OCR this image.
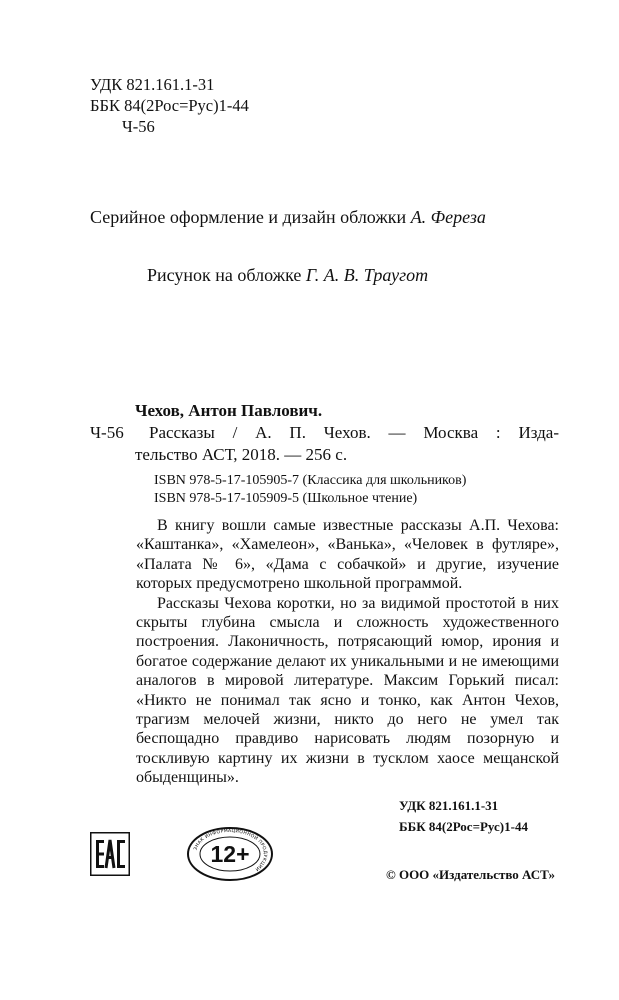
УДК 821.161.1-31
ББК 84(2Рос=Рус)1-44
Ч-56
Серийное оформление и дизайн обложки А. Фереза
Рисунок на обложке Г. А. В. Траугот
Чехов, Антон Павлович.
Ч-56 Рассказы / А. П. Чехов. — Москва : Изда-
тельство АСТ, 2018. — 256 с.
ISBN 978-5-17-105905-7 (Классика для школьников)
ISBN 978-5-17-105909-5 (Школьное чтение)

В книгу вошли самые известные рассказы А.П. Чехова: «Каштанка», «Хамелеон», «Ванька», «Человек в футляре», «Палата № 6», «Дама с собачкой» и другие, изучение которых предусмотрено школьной программой.

Рассказы Чехова коротки, но за видимой простотой в них скрыты глубина смысла и сложность художественного построения. Лаконичность, потрясающий юмор, ирония и богатое содержание делают их уникальными и не имеющими аналогов в мировой литературе. Максим Горький писал: «Никто не понимал так ясно и тонко, как Антон Чехов, трагизм мелочей жизни, никто до него не умел так беспощадно правдиво нарисовать людям позорную и тоскливую картину их жизни в тусклом хаосе мещанской обыденщины».

УДК 821.161.1-31
ББК 84(2Рос=Рус)1-44
ЗНАК ИНФОРМАЦИОННОЙ ПРОДУКЦИИ
12+
© ООО «Издательство АСТ»
